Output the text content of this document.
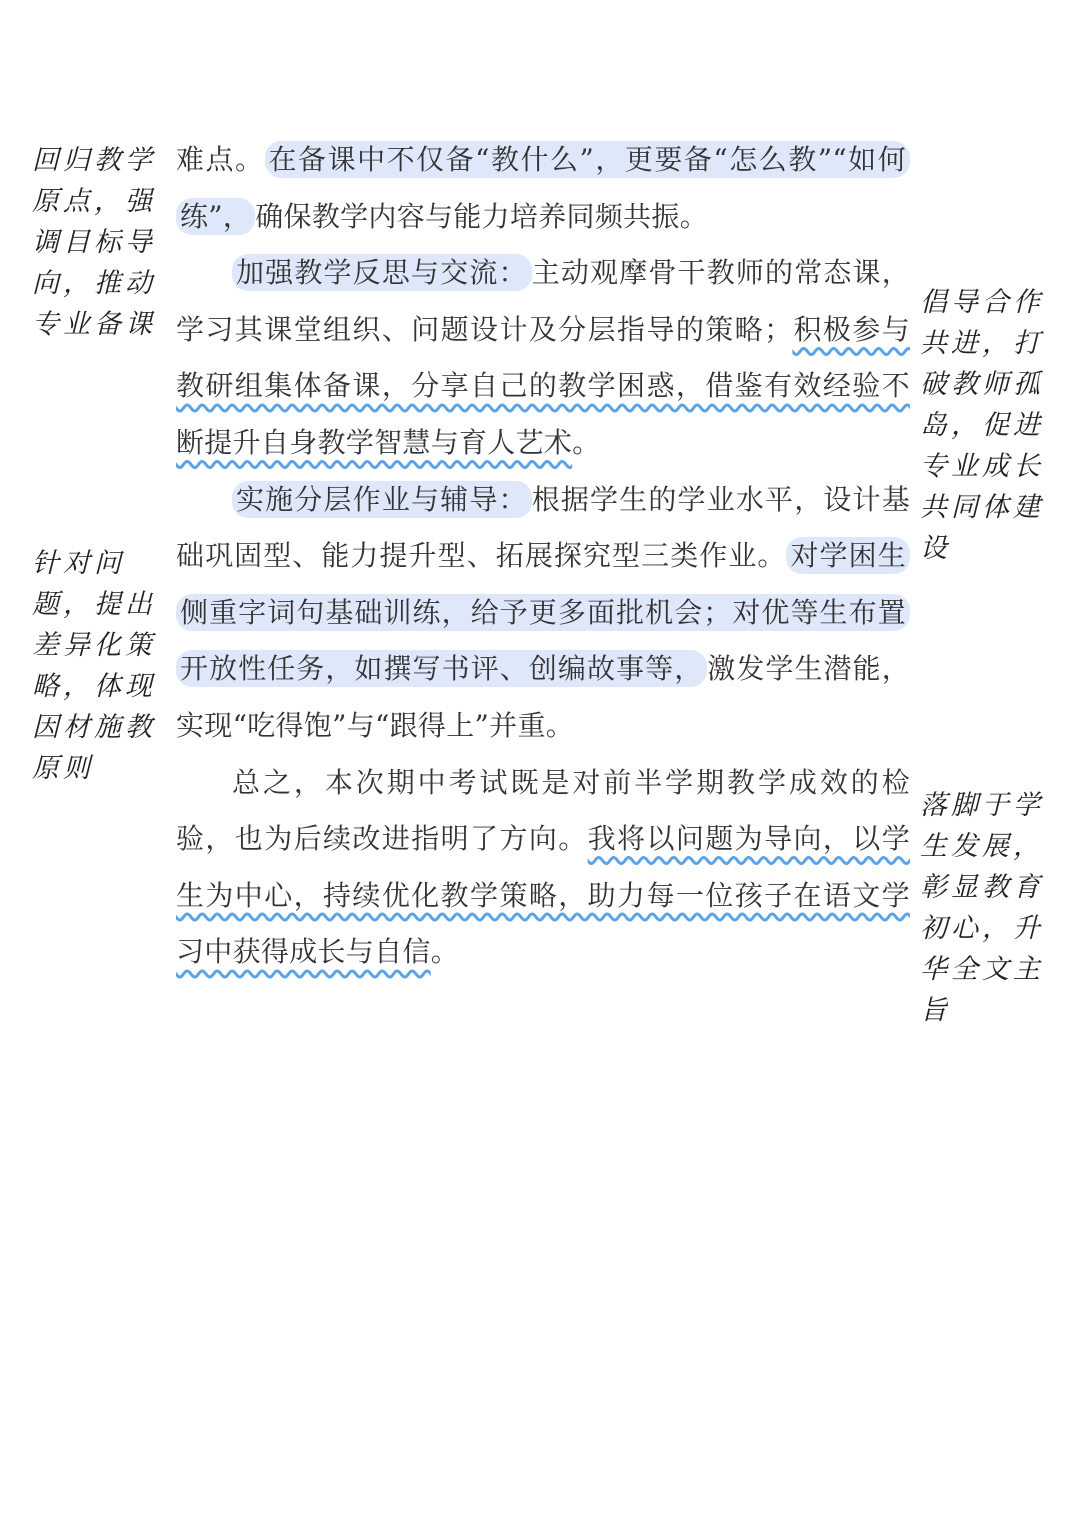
回归教学原点，强调目标导向，推动专业备课
倡导合作共进，打破教师孤岛，促进专业成长共同体建设
针对问题，提出差异化策略，体现因材施教原则
落脚于学生发展，彰显教育初心，升华全文主旨

难点。 在备课中不仅备“教什么”，更要备“怎么教”“如何练”， 确保教学内容与能力培养同频共振。

加强教学反思与交流： 主动观摩骨干教师的常态课，学习其课堂组织、问题设计及分层指导的策略；积极参与教研组集体备课，分享自己的教学困惑，借鉴有效经验不断提升自身教学智慧与育人艺术。

实施分层作业与辅导： 根据学生的学业水平，设计基础巩固型、能力提升型、拓展探究型三类作业。 对学困生侧重字词句基础训练，给予更多面批机会；对优等生布置开放性任务，如撰写书评、创编故事等， 激发学生潜能，实现“吃得饱”与“跟得上”并重。

总之，本次期中考试既是对前半学期教学成效的检验，也为后续改进指明了方向。我将以问题为导向，以学生为中心，持续优化教学策略，助力每一位孩子在语文学习中获得成长与自信。
